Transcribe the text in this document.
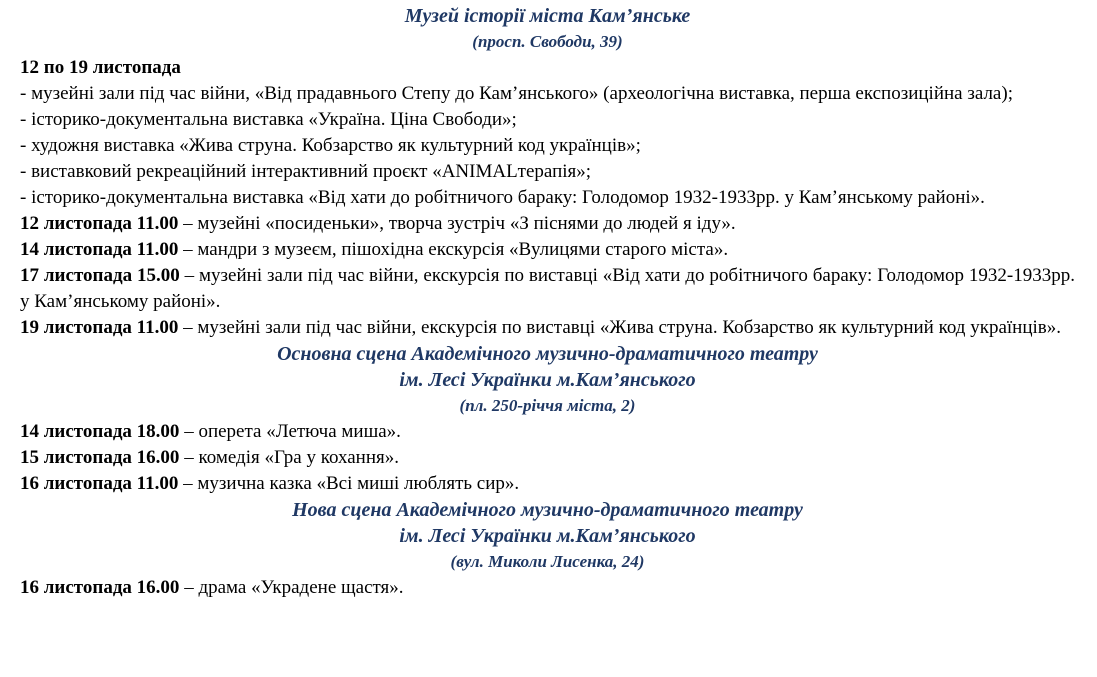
Музей історії міста Кам’янське

(просп. Свободи, 39)

12 по 19 листопада

- музейні зали під час війни, «Від прадавнього Степу до Кам’янського» (археологічна виставка, перша експозиційна зала);

- історико-документальна виставка «Україна. Ціна Свободи»;

- художня виставка «Жива струна. Кобзарство як культурний код українців»;

- виставковий рекреаційний інтерактивний проєкт «ANIMALтерапія»;

- історико-документальна виставка «Від хати до робітничого бараку: Голодомор 1932-1933рр. у Кам’янському районі».

12 листопада 11.00 – музейні «посиденьки», творча зустріч «З піснями до людей я іду».

14 листопада 11.00 – мандри з музеєм, пішохідна екскурсія «Вулицями старого міста».

17 листопада 15.00 – музейні зали під час війни, екскурсія по виставці «Від хати до робітничого бараку: Голодомор 1932-1933рр. у Кам’янському районі».

19 листопада 11.00 – музейні зали під час війни, екскурсія по виставці «Жива струна. Кобзарство як культурний код українців».

Основна сцена Академічного музично-драматичного театру

ім. Лесі Українки м.Кам’янського

(пл. 250-річчя міста, 2)

14 листопада 18.00 – оперета «Летюча миша».

15 листопада 16.00 – комедія «Гра у кохання».

16 листопада 11.00 – музична казка «Всі миші люблять сир».

Нова сцена Академічного музично-драматичного театру

ім. Лесі Українки м.Кам’янського

(вул. Миколи Лисенка, 24)

16 листопада 16.00 – драма «Украдене щастя».
